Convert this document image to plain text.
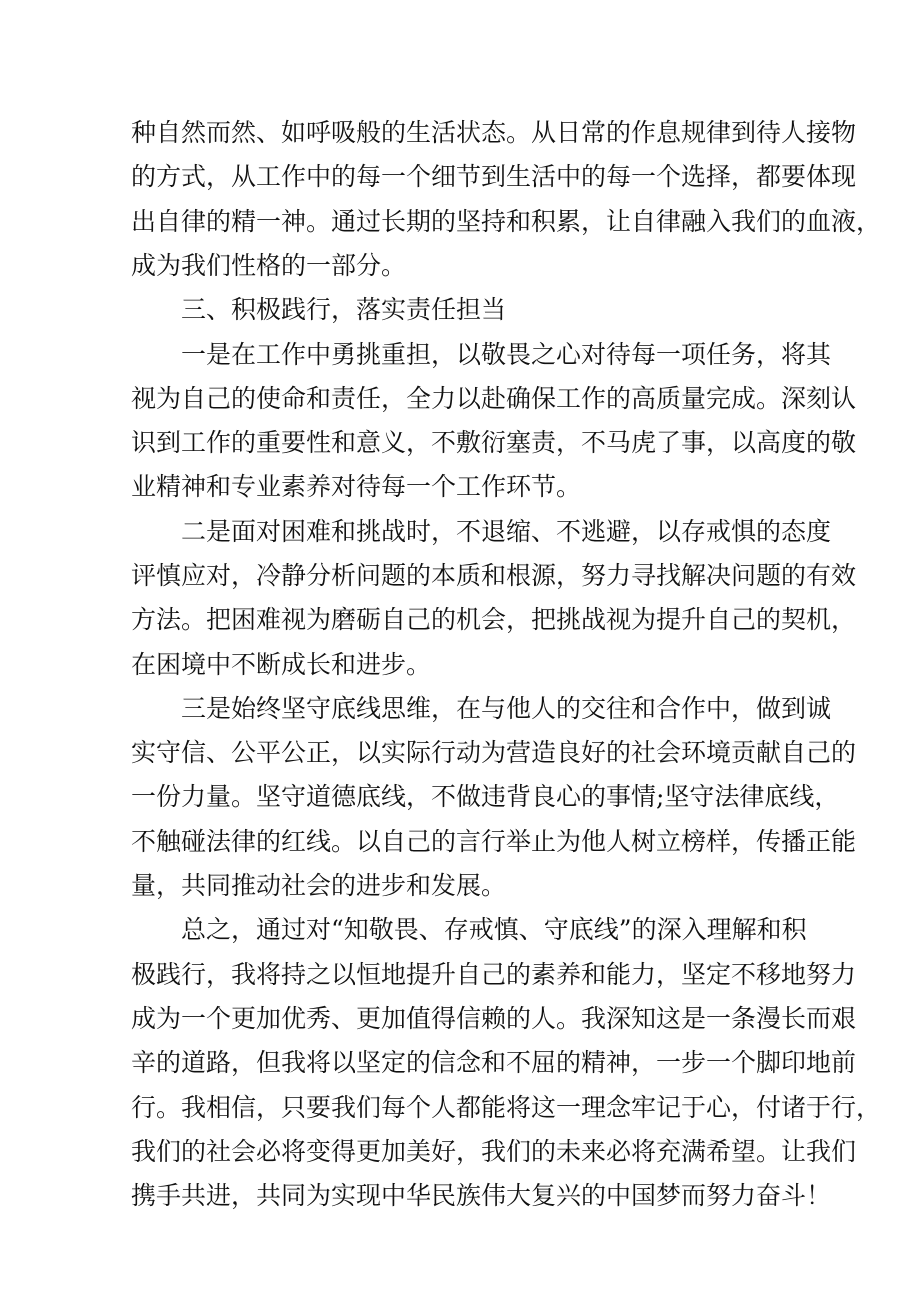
种自然而然、如呼吸般的生活状态。从日常的作息规律到待人接物
的方式，从工作中的每一个细节到生活中的每一个选择，都要体现
出自律的精一神。通过长期的坚持和积累，让自律融入我们的血液，
成为我们性格的一部分。
三、积极践行，落实责任担当
一是在工作中勇挑重担，以敬畏之心对待每一项任务，将其
视为自己的使命和责任，全力以赴确保工作的高质量完成。深刻认
识到工作的重要性和意义，不敷衍塞责，不马虎了事，以高度的敬
业精神和专业素养对待每一个工作环节。
二是面对困难和挑战时，不退缩、不逃避，以存戒惧的态度
评慎应对，冷静分析问题的本质和根源，努力寻找解决问题的有效
方法。把困难视为磨砺自己的机会，把挑战视为提升自己的契机，
在困境中不断成长和进步。
三是始终坚守底线思维，在与他人的交往和合作中，做到诚
实守信、公平公正，以实际行动为营造良好的社会环境贡献自己的
一份力量。坚守道德底线，不做违背良心的事情;坚守法律底线，
不触碰法律的红线。以自己的言行举止为他人树立榜样，传播正能
量，共同推动社会的进步和发展。
总之，通过对“知敬畏、存戒慎、守底线”的深入理解和积
极践行，我将持之以恒地提升自己的素养和能力，坚定不移地努力
成为一个更加优秀、更加值得信赖的人。我深知这是一条漫长而艰
辛的道路，但我将以坚定的信念和不屈的精神，一步一个脚印地前
行。我相信，只要我们每个人都能将这一理念牢记于心，付诸于行，
我们的社会必将变得更加美好，我们的未来必将充满希望。让我们
携手共进，共同为实现中华民族伟大复兴的中国梦而努力奋斗！
